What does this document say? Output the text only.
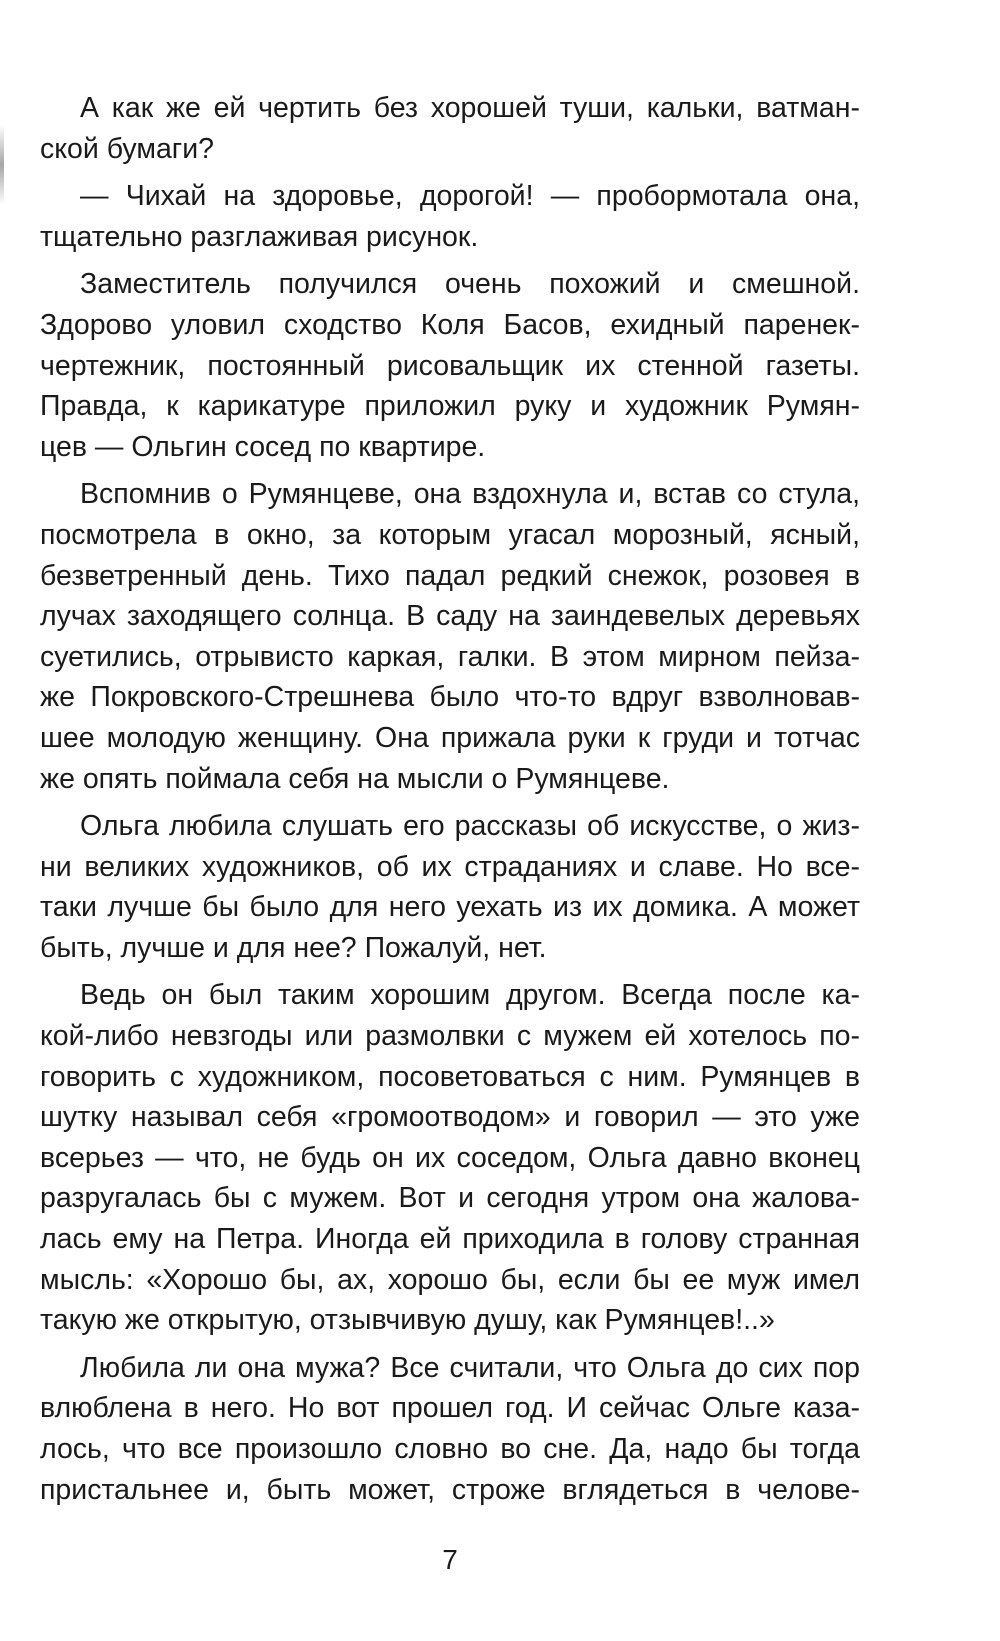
А как же ей чертить без хорошей туши, кальки, ватман-
ской бумаги?
— Чихай на здоровье, дорогой! — пробормотала она,
тщательно разглаживая рисунок.
Заместитель получился очень похожий и смешной.
Здорово уловил сходство Коля Басов, ехидный паренек-
чертежник, постоянный рисовальщик их стенной газеты.
Правда, к карикатуре приложил руку и художник Румян-
цев — Ольгин сосед по квартире.
Вспомнив о Румянцеве, она вздохнула и, встав со стула,
посмотрела в окно, за которым угасал морозный, ясный,
безветренный день. Тихо падал редкий снежок, розовея в
лучах заходящего солнца. В саду на заиндевелых деревьях
суетились, отрывисто каркая, галки. В этом мирном пейза-
же Покровского-Стрешнева было что-то вдруг взволновав-
шее молодую женщину. Она прижала руки к груди и тотчас
же опять поймала себя на мысли о Румянцеве.
Ольга любила слушать его рассказы об искусстве, о жиз-
ни великих художников, об их страданиях и славе. Но все-
таки лучше бы было для него уехать из их домика. А может
быть, лучше и для нее? Пожалуй, нет.
Ведь он был таким хорошим другом. Всегда после ка-
кой-либо невзгоды или размолвки с мужем ей хотелось по-
говорить с художником, посоветоваться с ним. Румянцев в
шутку называл себя «громоотводом» и говорил — это уже
всерьез — что, не будь он их соседом, Ольга давно вконец
разругалась бы с мужем. Вот и сегодня утром она жалова-
лась ему на Петра. Иногда ей приходила в голову странная
мысль: «Хорошо бы, ах, хорошо бы, если бы ее муж имел
такую же открытую, отзывчивую душу, как Румянцев!..»
Любила ли она мужа? Все считали, что Ольга до сих пор
влюблена в него. Но вот прошел год. И сейчас Ольге каза-
лось, что все произошло словно во сне. Да, надо бы тогда
пристальнее и, быть может, строже вглядеться в челове-
7
